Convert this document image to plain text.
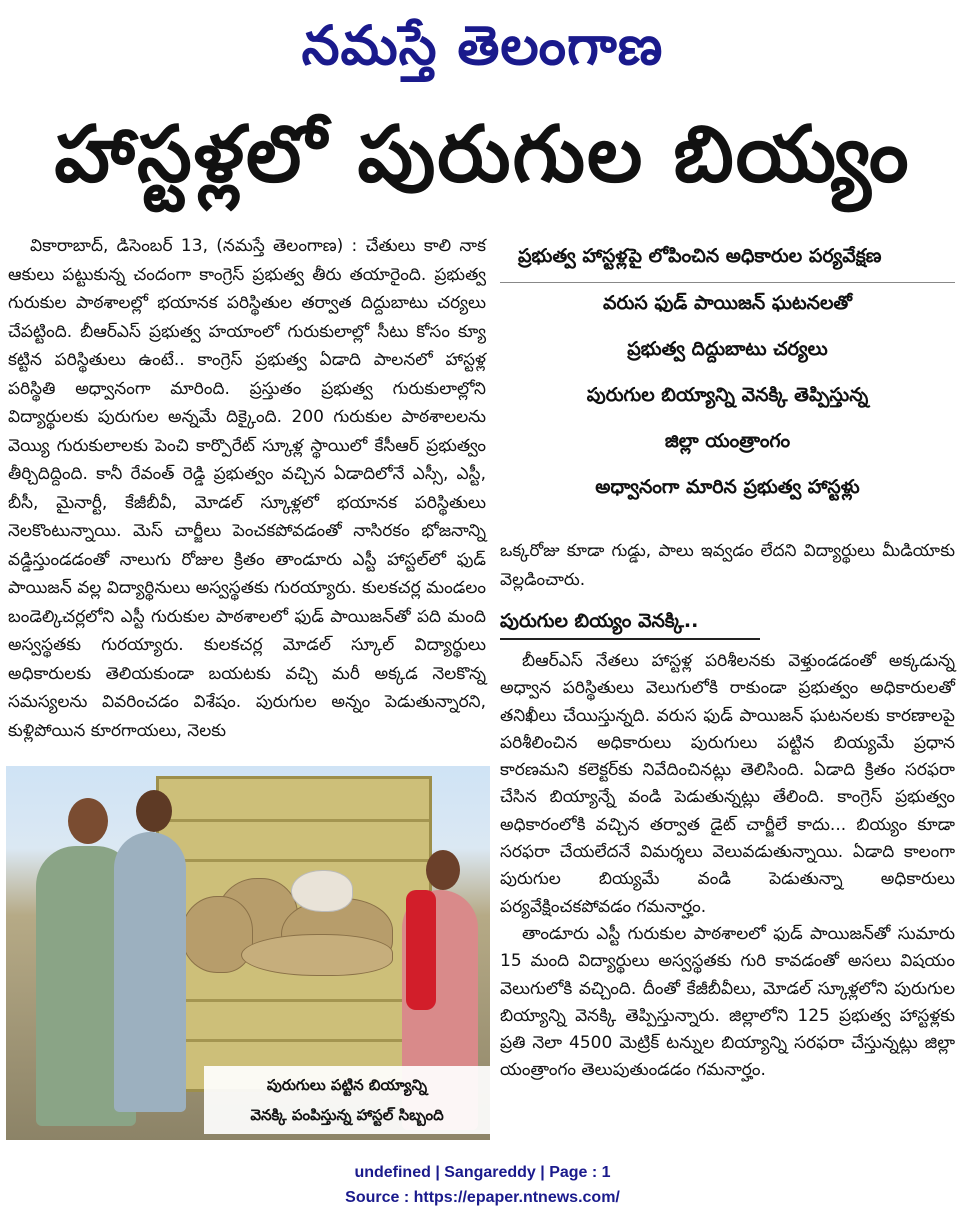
నమస్తే తెలంగాణ
హాస్టళ్లలో పురుగుల బియ్యం

వికారాబాద్‌, డిసెంబర్‌ 13, (నమస్తే తెలంగాణ) : చేతులు కాలి నాక ఆకులు పట్టుకున్న చందంగా కాంగ్రెస్‌ ప్రభుత్వ తీరు తయారైంది. ప్రభుత్వ గురుకుల పాఠశాలల్లో భయానక పరిస్థితుల తర్వాత దిద్దుబాటు చర్యలు చేపట్టింది. బీఆర్‌ఎస్‌ ప్రభుత్వ హయాంలో గురుకులాల్లో సీటు కోసం క్యూ కట్టిన పరిస్థితులు ఉంటే.. కాంగ్రెస్‌ ప్రభుత్వ ఏడాది పాలనలో హాస్టళ్ల పరిస్థితి అధ్వానంగా మారింది. ప్రస్తుతం ప్రభుత్వ గురుకులాల్లోని విద్యార్థులకు పురుగుల అన్నమే దిక్కైంది. 200 గురుకుల పాఠశాలలను వెయ్యి గురుకులాలకు పెంచి కార్పొరేట్‌ స్కూళ్ల స్థాయిలో కేసీఆర్‌ ప్రభుత్వం తీర్చిదిద్దింది. కానీ రేవంత్‌ రెడ్డి ప్రభుత్వం వచ్చిన ఏడాదిలోనే ఎస్సీ, ఎస్టీ, బీసీ, మైనార్టీ, కేజీబీవీ, మోడల్‌ స్కూళ్లలో భయానక పరిస్థితులు నెలకొంటున్నాయి. మెస్‌ చార్జీలు పెంచకపోవడంతో నాసిరకం భోజనాన్ని వడ్డిస్తుండడంతో నాలుగు రోజుల క్రితం తాండూరు ఎస్టీ హాస్టల్‌లో ఫుడ్‌ పాయిజన్‌ వల్ల విద్యార్థినులు అస్వస్థతకు గురయ్యారు. కులకచర్ల మండలం బండెల్కిచర్లలోని ఎస్టీ గురుకుల పాఠశాలలో ఫుడ్‌ పాయిజన్‌తో పది మంది అస్వస్థతకు గురయ్యారు. కులకచర్ల మోడల్‌ స్కూల్‌ విద్యార్థులు అధికారులకు తెలియకుండా బయటకు వచ్చి మరీ అక్కడ నెలకొన్న సమస్యలను వివరించడం విశేషం. పురుగుల అన్నం పెడుతున్నారని, కుళ్లిపోయిన కూరగాయలు, నెలకు

ప్రభుత్వ హాస్టళ్లపై లోపించిన అధికారుల పర్యవేక్షణ
వరుస ఫుడ్‌ పాయిజన్‌ ఘటనలతో
ప్రభుత్వ దిద్దుబాటు చర్యలు
పురుగుల బియ్యాన్ని వెనక్కి తెప్పిస్తున్న
జిల్లా యంత్రాంగం
అధ్వానంగా మారిన ప్రభుత్వ హాస్టళ్లు

ఒక్కరోజు కూడా గుడ్డు, పాలు ఇవ్వడం లేదని విద్యార్థులు మీడియాకు వెల్లడించారు.

పురుగుల బియ్యం వెనక్కి..

బీఆర్‌ఎస్‌ నేతలు హాస్టళ్ల పరిశీలనకు వెళ్తుండడంతో అక్కడున్న అధ్వాన పరిస్థితులు వెలుగులోకి రాకుండా ప్రభుత్వం అధికారులతో తనిఖీలు చేయిస్తున్నది. వరుస ఫుడ్‌ పాయిజన్‌ ఘటనలకు కారణాలపై పరిశీలించిన అధికారులు పురుగులు పట్టిన బియ్యమే ప్రధాన కారణమని కలెక్టర్‌కు నివేదించినట్లు తెలిసింది. ఏడాది క్రితం సరఫరా చేసిన బియ్యాన్నే వండి పెడుతున్నట్లు తేలింది. కాంగ్రెస్‌ ప్రభుత్వం అధికారంలోకి వచ్చిన తర్వాత డైట్‌ చార్జీలే కాదు... బియ్యం కూడా సరఫరా చేయలేదనే విమర్శలు వెలువడుతున్నాయి. ఏడాది కాలంగా పురుగుల బియ్యమే వండి పెడుతున్నా అధికారులు పర్యవేక్షించకపోవడం గమనార్హం.

తాండూరు ఎస్టీ గురుకుల పాఠశాలలో ఫుడ్‌ పాయిజన్‌తో సుమారు 15 మంది విద్యార్థులు అస్వస్థతకు గురి కావడంతో అసలు విషయం వెలుగులోకి వచ్చింది. దీంతో కేజీబీవీలు, మోడల్‌ స్కూళ్లలోని పురుగుల బియ్యాన్ని వెనక్కి తెప్పిస్తున్నారు. జిల్లాలోని 125 ప్రభుత్వ హాస్టళ్లకు ప్రతి నెలా 4500 మెట్రిక్‌ టన్నుల బియ్యాన్ని సరఫరా చేస్తున్నట్లు జిల్లా యంత్రాంగం తెలుపుతుండడం గమనార్హం.

పురుగులు పట్టిన బియ్యాన్ని
వెనక్కి పంపిస్తున్న హాస్టల్‌ సిబ్బంది
undefined | Sangareddy | Page : 1
Source : https://epaper.ntnews.com/
